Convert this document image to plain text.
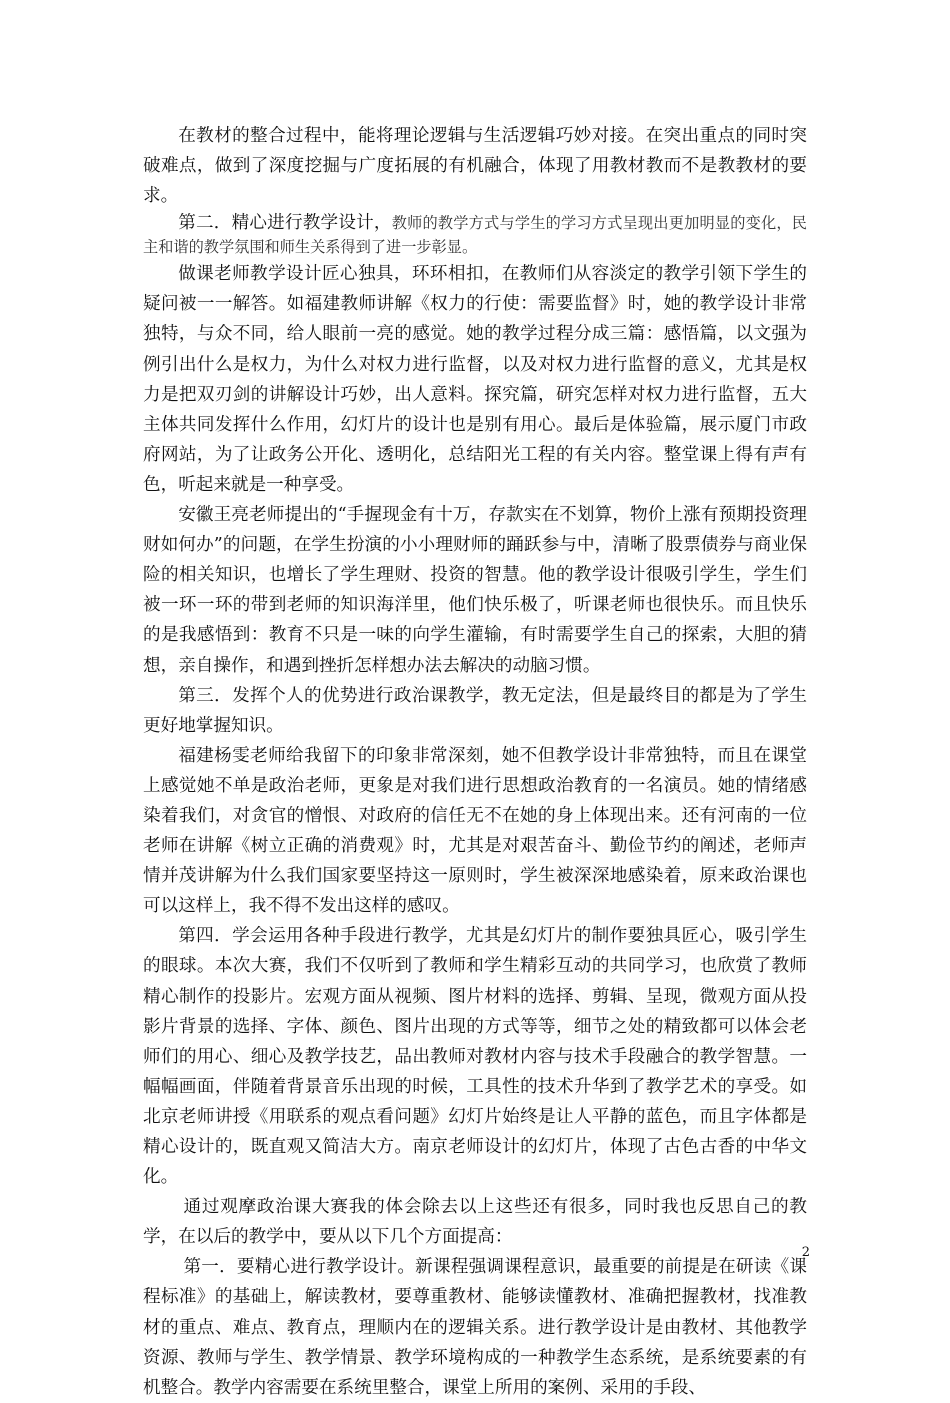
在教材的整合过程中，能将理论逻辑与生活逻辑巧妙对接。在突出重点的同时突破难点，做到了深度挖掘与广度拓展的有机融合，体现了用教材教而不是教教材的要求。

第二．精心进行教学设计，教师的教学方式与学生的学习方式呈现出更加明显的变化，民主和谐的教学氛围和师生关系得到了进一步彰显。

做课老师教学设计匠心独具，环环相扣，在教师们从容淡定的教学引领下学生的疑问被一一解答。如福建教师讲解《权力的行使：需要监督》时，她的教学设计非常独特，与众不同，给人眼前一亮的感觉。她的教学过程分成三篇：感悟篇，以文强为例引出什么是权力，为什么对权力进行监督，以及对权力进行监督的意义，尤其是权力是把双刃剑的讲解设计巧妙，出人意料。探究篇，研究怎样对权力进行监督，五大主体共同发挥什么作用，幻灯片的设计也是别有用心。最后是体验篇，展示厦门市政府网站，为了让政务公开化、透明化，总结阳光工程的有关内容。整堂课上得有声有色，听起来就是一种享受。

安徽王亮老师提出的“手握现金有十万，存款实在不划算，物价上涨有预期投资理财如何办”的问题，在学生扮演的小小理财师的踊跃参与中，清晰了股票债券与商业保险的相关知识，也增长了学生理财、投资的智慧。他的教学设计很吸引学生，学生们被一环一环的带到老师的知识海洋里，他们快乐极了，听课老师也很快乐。而且快乐的是我感悟到：教育不只是一味的向学生灌输，有时需要学生自己的探索，大胆的猜想，亲自操作，和遇到挫折怎样想办法去解决的动脑习惯。

第三．发挥个人的优势进行政治课教学，教无定法，但是最终目的都是为了学生更好地掌握知识。

福建杨雯老师给我留下的印象非常深刻，她不但教学设计非常独特，而且在课堂上感觉她不单是政治老师，更象是对我们进行思想政治教育的一名演员。她的情绪感染着我们，对贪官的憎恨、对政府的信任无不在她的身上体现出来。还有河南的一位老师在讲解《树立正确的消费观》时，尤其是对艰苦奋斗、勤俭节约的阐述，老师声情并茂讲解为什么我们国家要坚持这一原则时，学生被深深地感染着，原来政治课也可以这样上，我不得不发出这样的感叹。

第四．学会运用各种手段进行教学，尤其是幻灯片的制作要独具匠心，吸引学生的眼球。本次大赛，我们不仅听到了教师和学生精彩互动的共同学习，也欣赏了教师精心制作的投影片。宏观方面从视频、图片材料的选择、剪辑、呈现，微观方面从投影片背景的选择、字体、颜色、图片出现的方式等等，细节之处的精致都可以体会老师们的用心、细心及教学技艺，品出教师对教材内容与技术手段融合的教学智慧。一幅幅画面，伴随着背景音乐出现的时候，工具性的技术升华到了教学艺术的享受。如北京老师讲授《用联系的观点看问题》幻灯片始终是让人平静的蓝色，而且字体都是精心设计的，既直观又简洁大方。南京老师设计的幻灯片，体现了古色古香的中华文化。

通过观摩政治课大赛我的体会除去以上这些还有很多，同时我也反思自己的教学，在以后的教学中，要从以下几个方面提高：

第一．要精心进行教学设计。新课程强调课程意识，最重要的前提是在研读《课程标准》的基础上，解读教材，要尊重教材、能够读懂教材、准确把握教材，找准教材的重点、难点、教育点，理顺内在的逻辑关系。进行教学设计是由教材、其他教学资源、教师与学生、教学情景、教学环境构成的一种教学生态系统，是系统要素的有机整合。教学内容需要在系统里整合，课堂上所用的案例、采用的手段、

2
